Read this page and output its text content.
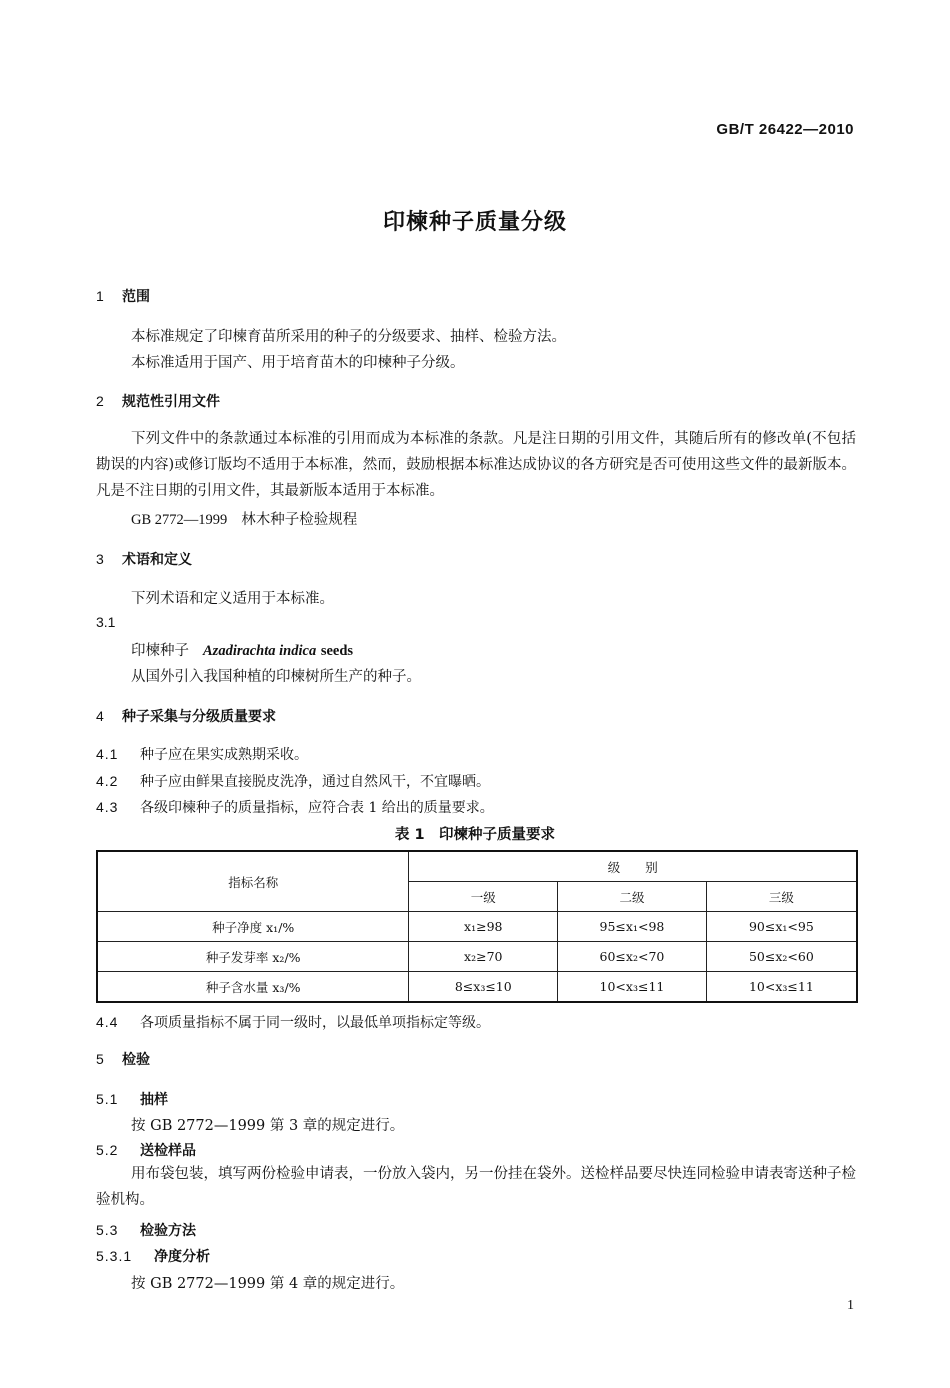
GB/T 26422—2010
印楝种子质量分级
1 范围
本标准规定了印楝育苗所采用的种子的分级要求、抽样、检验方法。
本标准适用于国产、用于培育苗木的印楝种子分级。
2 规范性引用文件
下列文件中的条款通过本标准的引用而成为本标准的条款。凡是注日期的引用文件，其随后所有的修改单(不包括勘误的内容)或修订版均不适用于本标准，然而，鼓励根据本标准达成协议的各方研究是否可使用这些文件的最新版本。凡是不注日期的引用文件，其最新版本适用于本标准。
GB 2772—1999 林木种子检验规程
3 术语和定义
下列术语和定义适用于本标准。
3.1
印楝种子 Azadirachta indica seeds
从国外引入我国种植的印楝树所生产的种子。
4 种子采集与分级质量要求
4.1 种子应在果实成熟期采收。
4.2 种子应由鲜果直接脱皮洗净，通过自然风干，不宜曝晒。
4.3 各级印楝种子的质量指标，应符合表 1 给出的质量要求。
表 1　印楝种子质量要求
指标名称	级　　别		
	一级	二级	三级
种子净度 x₁/%	x₁≥98	95≤x₁<98	90≤x₁<95
种子发芽率 x₂/%	x₂≥70	60≤x₂<70	50≤x₂<60
种子含水量 x₃/%	8≤x₃≤10	10<x₃≤11	10<x₃≤11
4.4 各项质量指标不属于同一级时，以最低单项指标定等级。
5 检验
5.1 抽样
按 GB 2772—1999 第 3 章的规定进行。
5.2 送检样品
用布袋包装，填写两份检验申请表，一份放入袋内，另一份挂在袋外。送检样品要尽快连同检验申请表寄送种子检验机构。
5.3 检验方法
5.3.1 净度分析
按 GB 2772—1999 第 4 章的规定进行。
1
